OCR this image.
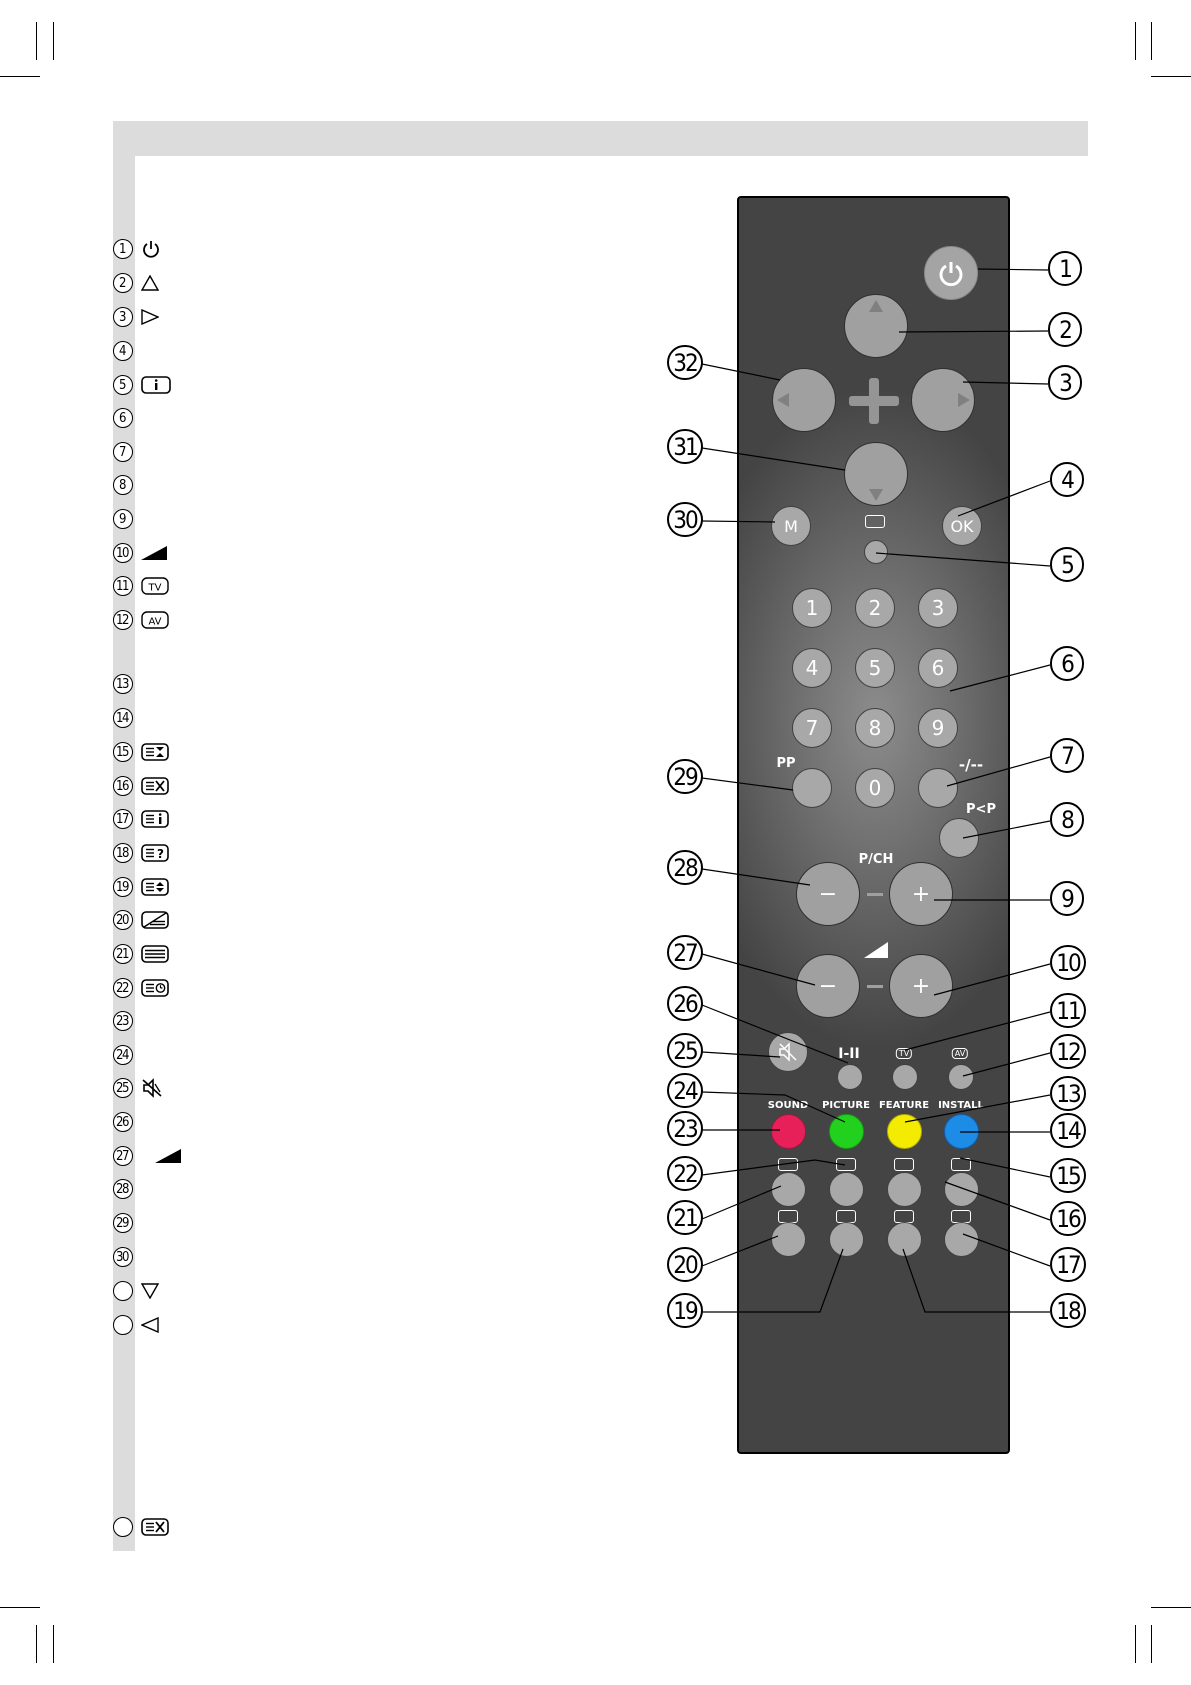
1
2
3
4
5
6
7
8
9
10
11 TV
12 AV
13
14
15
16
17
18 ?
19
20
21
22
23
24
25
26
27
28
29
30
M	OK
1	2	3
4	5	6
7	8	9
0
PP	-/--
P<P
P/CH
−	+
−	+
I-II	TV	AV
SOUND PICTURE FEATURE INSTALL
1
2
3
4
5
6
7
8
9
10
11
12
13
14
15
16
17
18
19
20
21
22
23
24
25
26
27
28
29
30
31
32
